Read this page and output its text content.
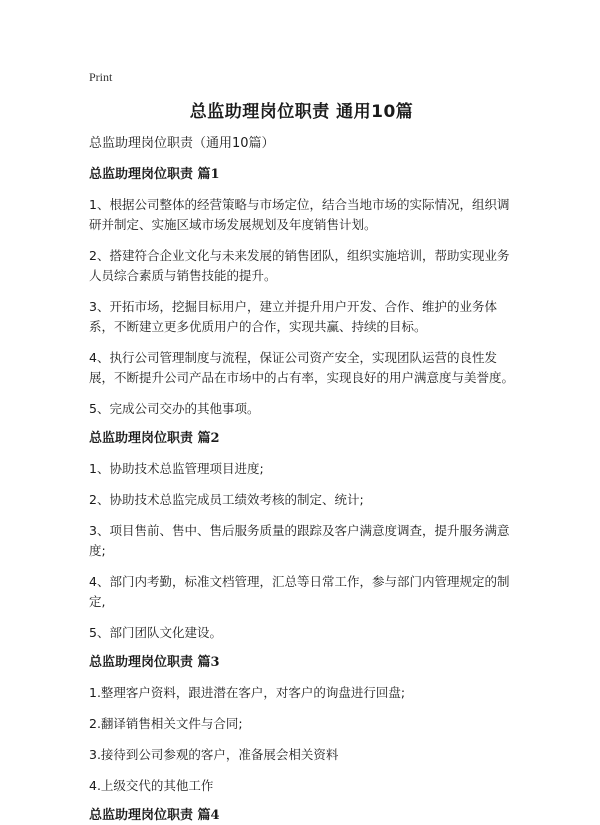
Print
总监助理岗位职责 通用10篇
总监助理岗位职责（通用10篇）
总监助理岗位职责 篇1
1、根据公司整体的经营策略与市场定位，结合当地市场的实际情况，组织调研并制定、实施区域市场发展规划及年度销售计划。
2、搭建符合企业文化与未来发展的销售团队，组织实施培训，帮助实现业务人员综合素质与销售技能的提升。
3、开拓市场，挖掘目标用户，建立并提升用户开发、合作、维护的业务体系，不断建立更多优质用户的合作，实现共赢、持续的目标。
4、执行公司管理制度与流程，保证公司资产安全，实现团队运营的良性发展，不断提升公司产品在市场中的占有率，实现良好的用户满意度与美誉度。
5、完成公司交办的其他事项。
总监助理岗位职责 篇2
1、协助技术总监管理项目进度;
2、协助技术总监完成员工绩效考核的制定、统计;
3、项目售前、售中、售后服务质量的跟踪及客户满意度调查，提升服务满意度;
4、部门内考勤，标准文档管理，汇总等日常工作，参与部门内管理规定的制定,
5、部门团队文化建设。
总监助理岗位职责 篇3
1.整理客户资料，跟进潜在客户，对客户的询盘进行回盘;
2.翻译销售相关文件与合同;
3.接待到公司参观的客户，准备展会相关资料
4.上级交代的其他工作
总监助理岗位职责 篇4
